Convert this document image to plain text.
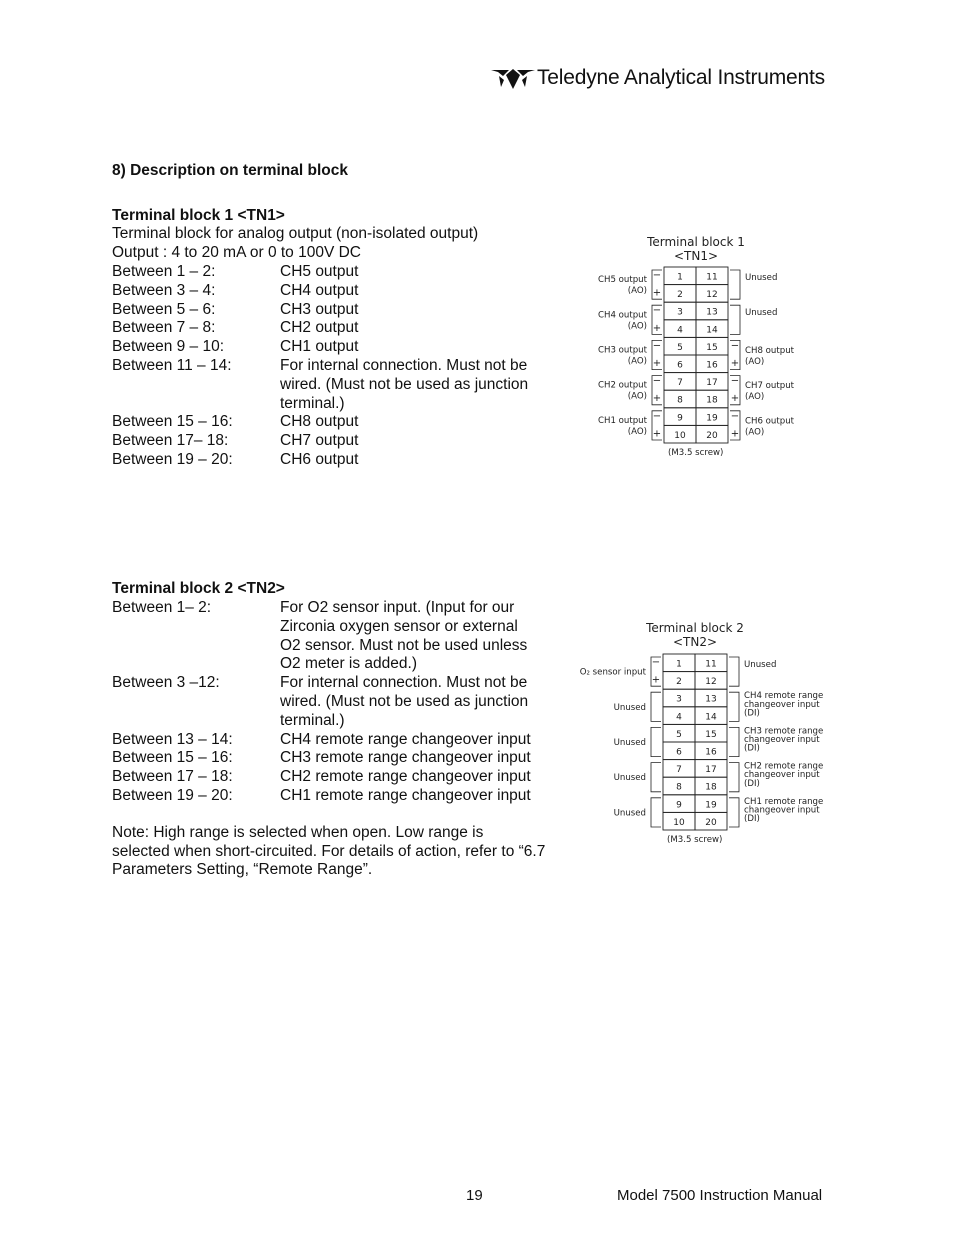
Teledyne Analytical Instruments
8) Description on terminal block
Terminal block 1 <TN1>
Terminal block for analog output (non-isolated output)
Output : 4 to 20 mA or 0 to 100V DC
Between 1 – 2:	CH5 output
Between 3 – 4:	CH4 output
Between 5 – 6:	CH3 output
Between 7 – 8:	CH2 output
Between 9 – 10:	CH1 output
Between 11 – 14:	For internal connection. Must not be
wired. (Must not be used as junction
terminal.)
Between 15 – 16:	CH8 output
Between 17– 18:	CH7 output
Between 19 – 20:	CH6 output
Terminal block 1
<TN1>
1	11
2	12
3	13
4	14
5	15
6	16
7	17
8	18
9	19
10 20
−
+
CH5 output
(AO)
Unused
−
+
CH4 output
(AO)
Unused
−
+
−
+
CH3 output
(AO)
CH8 output
(AO)
−
+
−
+
CH2 output
(AO)
CH7 output
(AO)
−
+
−
+
CH1 output
(AO)
CH6 output
(AO)
(M3.5 screw)
Terminal block 2 <TN2>
Between 1– 2:	For O2 sensor input. (Input for our
Zirconia oxygen sensor or external
O2 sensor. Must not be used unless
O2 meter is added.)
Between 3 –12:	For internal connection. Must not be
wired. (Must not be used as junction
terminal.)
Between 13 – 14:	CH4 remote range changeover input
Between 15 – 16:	CH3 remote range changeover input
Between 17 – 18:	CH2 remote range changeover input
Between 19 – 20:	CH1 remote range changeover input
Note: High range is selected when open. Low range is
selected when short-circuited. For details of action, refer to “6.7
Parameters Setting, “Remote Range”.
Terminal block 2
<TN2>
1	11
2	12
3	13
4	14
5	15
6	16
7	17
8	18
9	19
10 20
−
+
O₂ sensor input
Unused
Unused
CH4 remote range
changeover input
(DI)
Unused
CH3 remote range
changeover input
(DI)
Unused
CH2 remote range
changeover input
(DI)
Unused
CH1 remote range
changeover input
(DI)
(M3.5 screw)
19	Model 7500 Instruction Manual
